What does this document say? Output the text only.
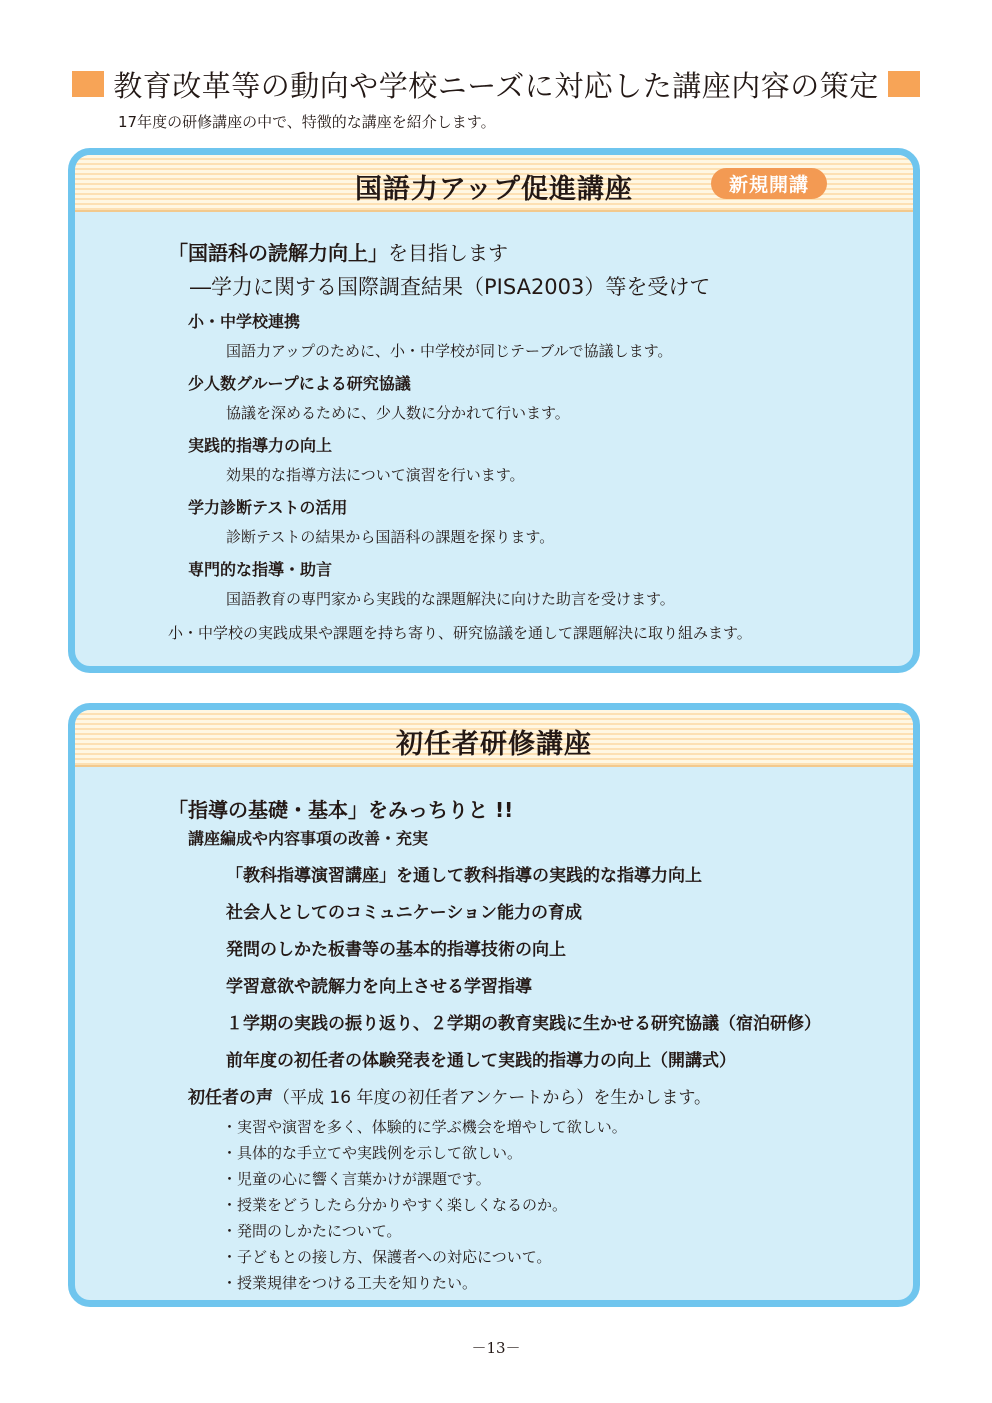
教育改革等の動向や学校ニーズに対応した講座内容の策定
17年度の研修講座の中で、特徴的な講座を紹介します。
国語力アップ促進講座	新規開講
「国語科の読解力向上」を目指します
―学力に関する国際調査結果（PISA2003）等を受けて
小・中学校連携
国語力アップのために、小・中学校が同じテーブルで協議します。
少人数グループによる研究協議
協議を深めるために、少人数に分かれて行います。
実践的指導力の向上
効果的な指導方法について演習を行います。
学力診断テストの活用
診断テストの結果から国語科の課題を探ります。
専門的な指導・助言
国語教育の専門家から実践的な課題解決に向けた助言を受けます。
小・中学校の実践成果や課題を持ち寄り、研究協議を通して課題解決に取り組みます。
初任者研修講座
「指導の基礎・基本」をみっちりと !!
講座編成や内容事項の改善・充実
「教科指導演習講座」を通して教科指導の実践的な指導力向上
社会人としてのコミュニケーション能力の育成
発問のしかた板書等の基本的指導技術の向上
学習意欲や読解力を向上させる学習指導
１学期の実践の振り返り、２学期の教育実践に生かせる研究協議（宿泊研修）
前年度の初任者の体験発表を通して実践的指導力の向上（開講式）
初任者の声（平成 16 年度の初任者アンケートから）を生かします。
・実習や演習を多く、体験的に学ぶ機会を増やして欲しい。
・具体的な手立てや実践例を示して欲しい。
・児童の心に響く言葉かけが課題です。
・授業をどうしたら分かりやすく楽しくなるのか。
・発問のしかたについて。
・子どもとの接し方、保護者への対応について。
・授業規律をつける工夫を知りたい。
－13－
